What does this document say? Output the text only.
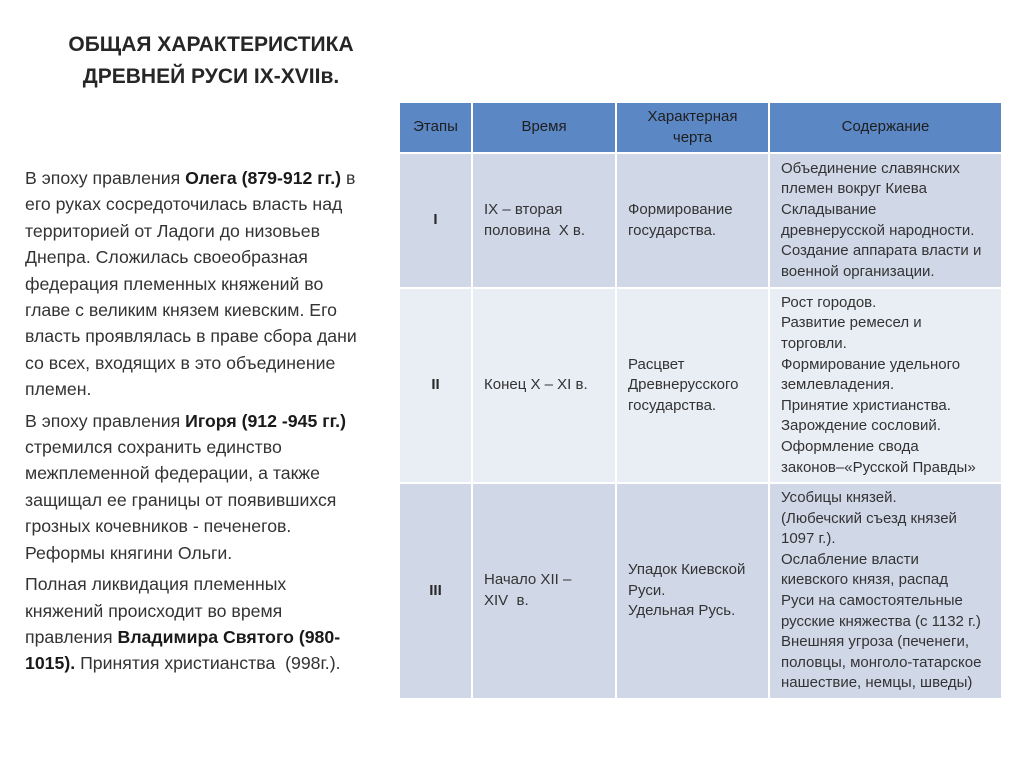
ОБЩАЯ ХАРАКТЕРИСТИКА
ДРЕВНЕЙ РУСИ IX-XVIIв.

В эпоху правления Олега (879-912 гг.) в
его руках сосредоточилась власть над
территорией от Ладоги до низовьев
Днепра. Сложилась своеобразная
федерация племенных княжений во
главе с великим князем киевским. Его
власть проявлялась в праве сбора дани
со всех, входящих в это объединение
племен.

В эпоху правления Игоря (912 -945 гг.)
стремился сохранить единство
межплеменной федерации, а также
защищал ее границы от появившихся
грозных кочевников - печенегов.
Реформы княгини Ольги.

Полная ликвидация племенных
княжений происходит во время
правления Владимира Святого (980-
1015). Принятия христианства  (998г.).

Этапы	Время
Характерная
черта
Содержание
I
IX – вторая
половина  Х в.
Формирование
государства.
Объединение славянских
племен вокруг Киева
Складывание
древнерусской народности.
Создание аппарата власти и
военной организации.
II	Конец Х – XI в.
Расцвет
Древнерусского
государства.
Рост городов.
Развитие ремесел и
торговли.
Формирование удельного
землевладения.
Принятие христианства.
Зарождение сословий.
Оформление свода
законов–«Русской Правды»
III
Начало XII –
XIV  в.
Упадок Киевской
Руси.
Удельная Русь.
Усобицы князей.
(Любечский съезд князей
1097 г.).
Ослабление власти
киевского князя, распад
Руси на самостоятельные
русские княжества (с 1132 г.)
Внешняя угроза (печенеги,
половцы, монголо-татарское
нашествие, немцы, шведы)
